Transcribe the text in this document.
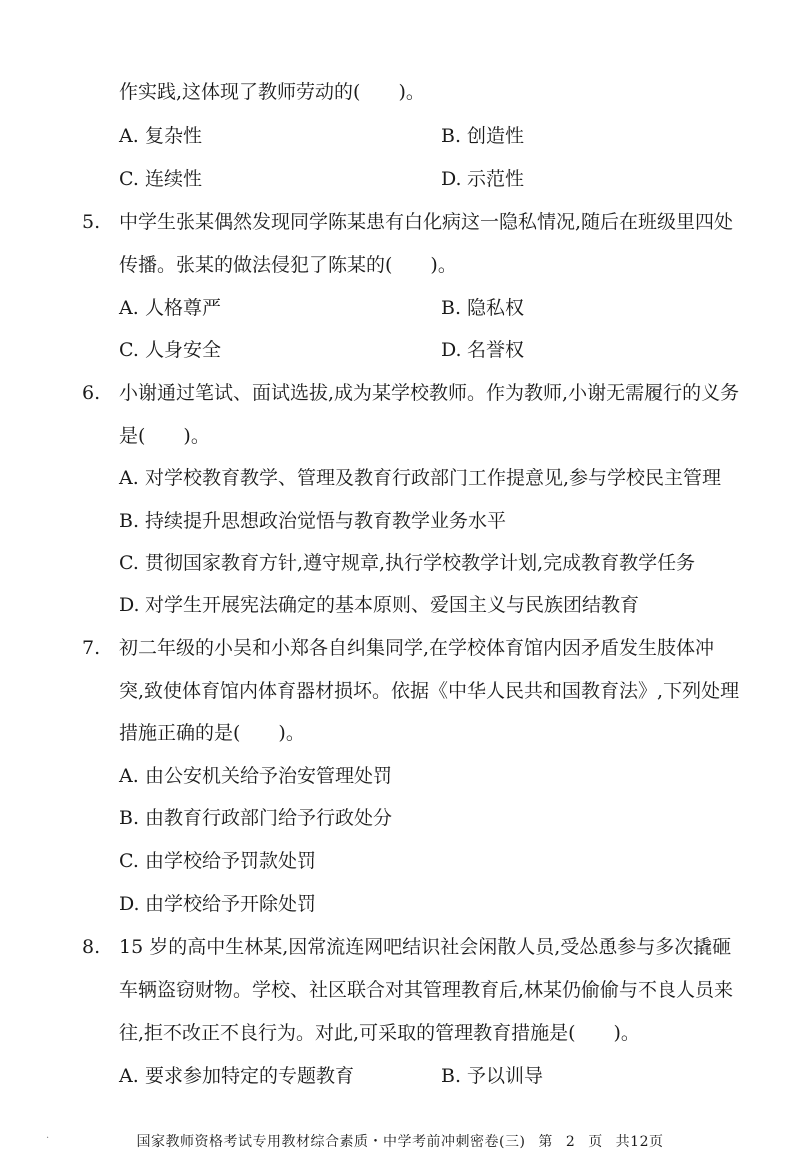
作实践,这体现了教师劳动的(　　)。
A. 复杂性	B. 创造性
C. 连续性	D. 示范性
5. 中学生张某偶然发现同学陈某患有白化病这一隐私情况,随后在班级里四处
传播。张某的做法侵犯了陈某的(　　)。
A. 人格尊严	B. 隐私权
C. 人身安全	D. 名誉权
6. 小谢通过笔试、面试选拔,成为某学校教师。作为教师,小谢无需履行的义务
是(　　)。
A. 对学校教育教学、管理及教育行政部门工作提意见,参与学校民主管理
B. 持续提升思想政治觉悟与教育教学业务水平
C. 贯彻国家教育方针,遵守规章,执行学校教学计划,完成教育教学任务
D. 对学生开展宪法确定的基本原则、爱国主义与民族团结教育
7. 初二年级的小吴和小郑各自纠集同学,在学校体育馆内因矛盾发生肢体冲
突,致使体育馆内体育器材损坏。依据《中华人民共和国教育法》,下列处理
措施正确的是(　　)。
A. 由公安机关给予治安管理处罚
B. 由教育行政部门给予行政处分
C. 由学校给予罚款处罚
D. 由学校给予开除处罚
8. 15 岁的高中生林某,因常流连网吧结识社会闲散人员,受怂恿参与多次撬砸
车辆盗窃财物。学校、社区联合对其管理教育后,林某仍偷偷与不良人员来
往,拒不改正不良行为。对此,可采取的管理教育措施是(　　)。
A. 要求参加特定的专题教育	B. 予以训导
·	国家教师资格考试专用教材综合素质・中学考前冲刺密卷(三) 第 2 页 共12页
